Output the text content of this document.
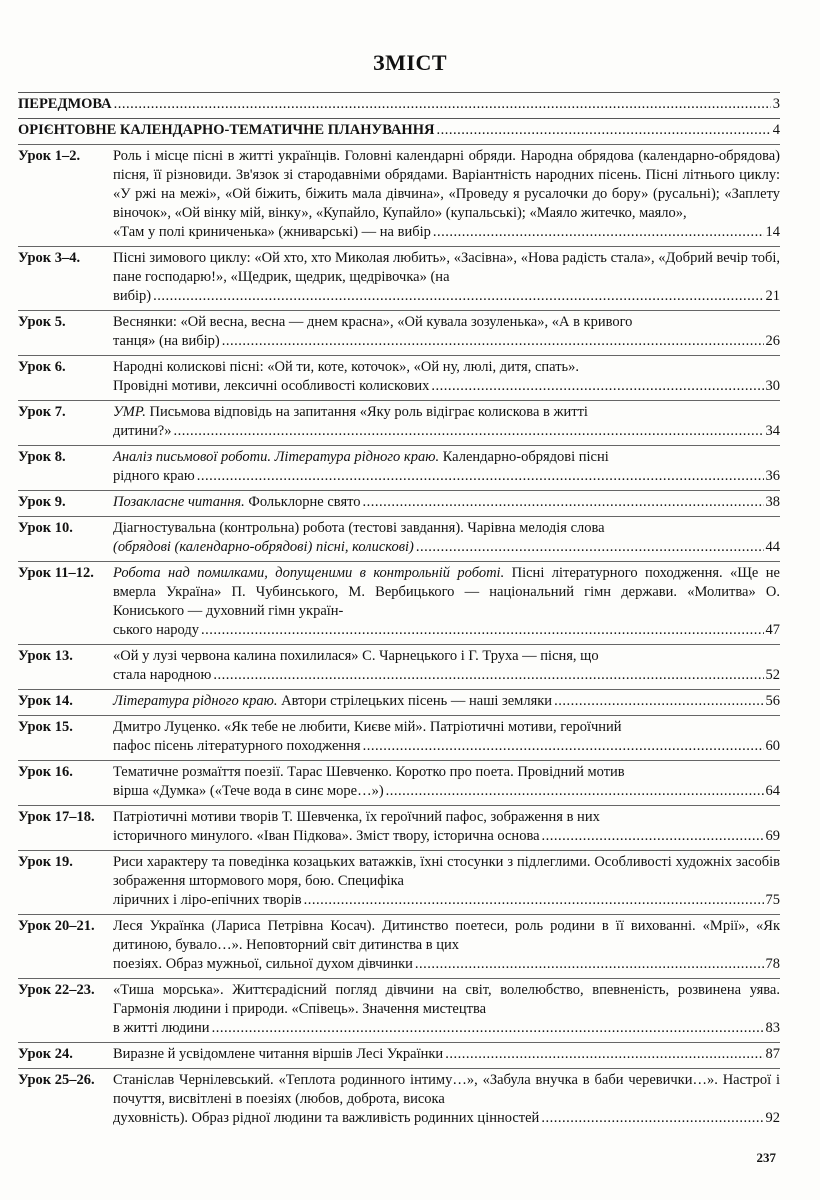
ЗМІСТ
ПЕРЕДМОВА .....	3
ОРІЄНТОВНЕ КАЛЕНДАРНО-ТЕМАТИЧНЕ ПЛАНУВАННЯ .....	4
Урок 1–2.	Роль і місце пісні в житті українців. Головні календарні обряди. Народна обрядова (календарно-обрядова) пісня, її різновиди. Зв'язок зі стародавніми обрядами. Варіантність народних пісень. Пісні літнього циклу: «У ржі на межі», «Ой біжить, біжить мала дівчина», «Проведу я русалочки до бору» (русальні); «Заплету віночок», «Ой вінку мій, вінку», «Купайло, Купайло» (купальські); «Маяло житечко, маяло»,
«Там у полі криниченька» (жниварські) — на вибір .....	14
Урок 3–4.	Пісні зимового циклу: «Ой хто, хто Миколая любить», «Засівна», «Нова радість стала», «Добрий вечір тобі, пане господарю!», «Щедрик, щедрик, щедрівочка» (на
вибір) .....	21
Урок 5.	Веснянки: «Ой весна, весна — днем красна», «Ой кувала зозуленька», «А в кривого
танця» (на вибір) .....	26
Урок 6.	Народні колискові пісні: «Ой ти, коте, коточок», «Ой ну, люлі, дитя, спать».
Провідні мотиви, лексичні особливості колискових .....	30
Урок 7.	УМР. Письмова відповідь на запитання «Яку роль відіграє колискова в житті
дитини?» .....	34
Урок 8.	Аналіз письмової роботи. Література рідного краю. Календарно-обрядові пісні
рідного краю .....	36
Урок 9.	Позакласне читання. Фольклорне свято .....	38
Урок 10.	Діагностувальна (контрольна) робота (тестові завдання). Чарівна мелодія слова
(обрядові (календарно-обрядові) пісні, колискові) .....	44
Урок 11–12.	Робота над помилками, допущеними в контрольній роботі. Пісні літературного походження. «Ще не вмерла Україна» П. Чубинського, М. Вербицького — національний гімн держави. «Молитва» О. Кониського — духовний гімн україн-
ського народу .....	47
Урок 13.	«Ой у лузі червона калина похилилася» С. Чарнецького і Г. Труха — пісня, що
стала народною .....	52
Урок 14.	Література рідного краю. Автори стрілецьких пісень — наші земляки .....	56
Урок 15.	Дмитро Луценко. «Як тебе не любити, Києве мій». Патріотичні мотиви, героїчний
пафос пісень літературного походження .....	60
Урок 16.	Тематичне розмаїття поезії. Тарас Шевченко. Коротко про поета. Провідний мотив
вірша «Думка» («Тече вода в синє море…») .....	64
Урок 17–18.	Патріотичні мотиви творів Т. Шевченка, їх героїчний пафос, зображення в них
історичного минулого. «Іван Підкова». Зміст твору, історична основа .....	69
Урок 19.	Риси характеру та поведінка козацьких ватажків, їхні стосунки з підлеглими. Особливості художніх засобів зображення штормового моря, бою. Специфіка
ліричних і ліро-епічних творів .....	75
Урок 20–21.	Леся Українка (Лариса Петрівна Косач). Дитинство поетеси, роль родини в її вихованні. «Мрії», «Як дитиною, бувало…». Неповторний світ дитинства в цих
поезіях. Образ мужньої, сильної духом дівчинки .....	78
Урок 22–23.	«Тиша морська». Життєрадісний погляд дівчини на світ, волелюбство, впевненість, розвинена уява. Гармонія людини і природи. «Співець». Значення мистецтва
в житті людини .....	83
Урок 24.	Виразне й усвідомлене читання віршів Лесі Українки .....	87
Урок 25–26.	Станіслав Чернілевський. «Теплота родинного інтиму…», «Забула внучка в баби черевички…». Настрої і почуття, висвітлені в поезіях (любов, доброта, висока
духовність). Образ рідної людини та важливість родинних цінностей .....	92
237
